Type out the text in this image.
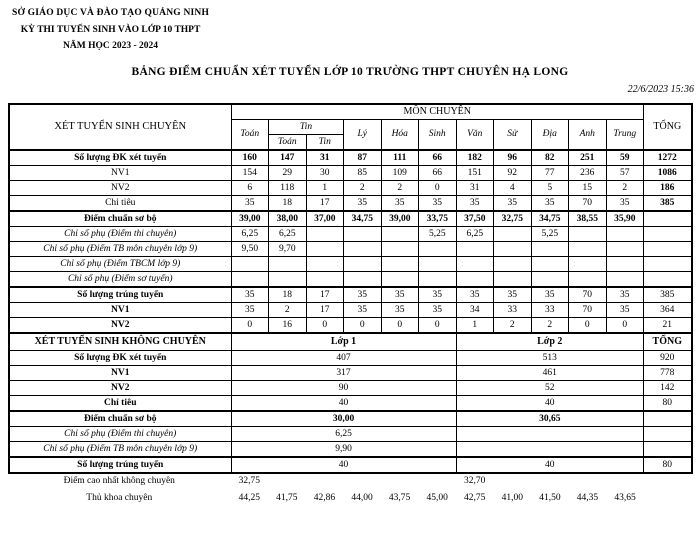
SỞ GIÁO DỤC VÀ ĐÀO TẠO QUẢNG NINH
KỲ THI TUYỂN SINH VÀO LỚP 10 THPT
NĂM HỌC 2023 - 2024
BẢNG ĐIỂM CHUẨN XÉT TUYỂN LỚP 10 TRƯỜNG THPT CHUYÊN HẠ LONG
22/6/2023 15:36
XÉT TUYỂN SINH CHUYÊN	MÔN CHUYÊN											TỔNG
	Toán	Tin		Lý	Hóa	Sinh	Văn	Sử	Địa	Anh	Trung	
		Toán	Tin									
Số lượng ĐK xét tuyển	160	147	31	87	111	66	182	96	82	251	59	1272
NV1	154	29	30	85	109	66	151	92	77	236	57	1086
NV2	6	118	1	2	2	0	31	4	5	15	2	186
Chỉ tiêu	35	18	17	35	35	35	35	35	35	70	35	385
Điểm chuẩn sơ bộ	39,00	38,00	37,00	34,75	39,00	33,75	37,50	32,75	34,75	38,55	35,90	
Chỉ số phụ (Điểm thi chuyên)	6,25	6,25				5,25	6,25		5,25			
Chỉ số phụ (Điểm TB môn chuyên lớp 9)	9,50	9,70										
Chỉ số phụ (Điểm TBCM lớp 9)												
Chỉ số phụ (Điểm sơ tuyển)												
Số lượng trúng tuyển	35	18	17	35	35	35	35	35	35	70	35	385
NV1	35	2	17	35	35	35	34	33	33	70	35	364
NV2	0	16	0	0	0	0	1	2	2	0	0	21
XÉT TUYỂN SINH KHÔNG CHUYÊN	Lớp 1						Lớp 2					TỔNG
Số lượng ĐK xét tuyển	407						513					920
NV1	317						461					778
NV2	90						52					142
Chỉ tiêu	40						40					80
Điểm chuẩn sơ bộ	30,00						30,65					
Chỉ số phụ (Điểm thi chuyên)	6,25											
Chỉ số phụ (Điểm TB môn chuyên lớp 9)	9,90											
Số lượng trúng tuyển	40						40					80
Điểm cao nhất không chuyên	32,75						32,70					
Thủ khoa chuyên	44,25	41,75	42,86	44,00	43,75	45,00	42,75	41,00	41,50	44,35	43,65	
